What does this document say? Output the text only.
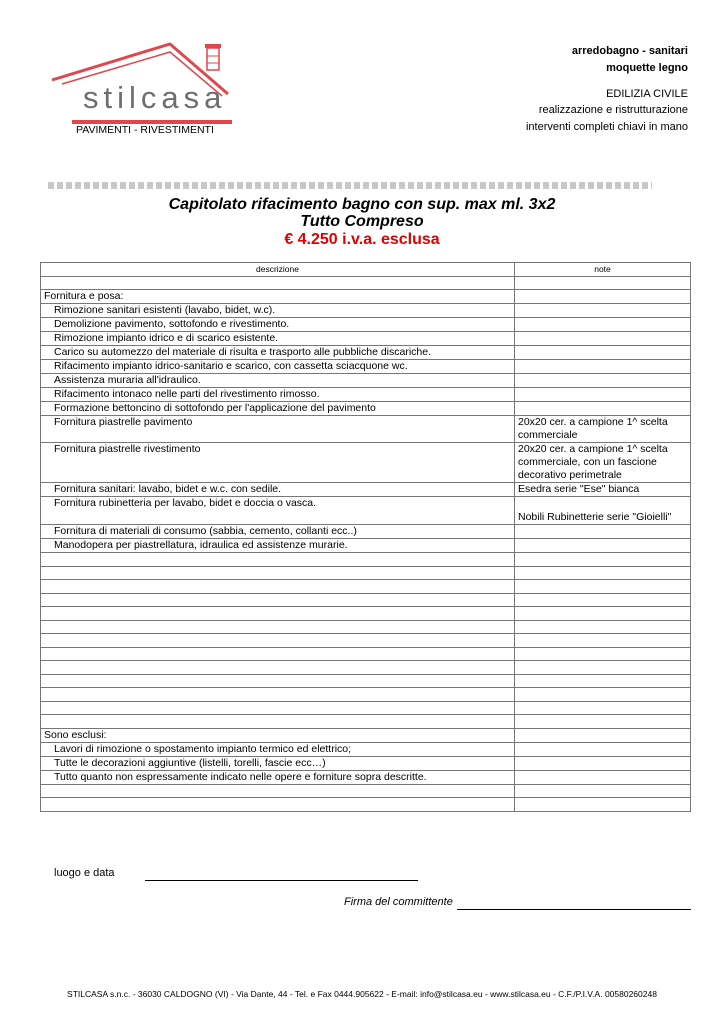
stilcasa
PAVIMENTI - RIVESTIMENTI
arredobagno - sanitari
moquette legno
EDILIZIA CIVILE
realizzazione e ristrutturazione
interventi completi chiavi in mano
Capitolato rifacimento bagno con sup. max ml. 3x2
Tutto Compreso
€ 4.250 i.v.a. esclusa
descrizione	note

Fornitura e posa:	
Rimozione sanitari esistenti (lavabo, bidet, w.c).	
Demolizione pavimento, sottofondo e rivestimento.	
Rimozione impianto idrico e di scarico esistente.	
Carico su automezzo del materiale di risulta e trasporto alle pubbliche discariche.	
Rifacimento impianto idrico-sanitario e scarico, con cassetta sciacquone wc.	
Assistenza muraria all'idraulico.	
Rifacimento intonaco nelle parti del rivestimento rimosso.	
Formazione bettoncino di sottofondo per l'applicazione del pavimento	
Fornitura piastrelle pavimento	20x20 cer. a campione 1^ scelta commerciale
Fornitura piastrelle rivestimento	20x20 cer. a campione 1^ scelta commerciale, con un fascione decorativo perimetrale
Fornitura sanitari: lavabo, bidet e w.c. con sedile.	Esedra serie "Ese" bianca
Fornitura rubinetteria per lavabo, bidet e doccia o vasca.	Nobili Rubinetterie serie "Gioielli"
Fornitura di materiali di consumo (sabbia, cemento, collanti ecc..)	
Manodopera per piastrellatura, idraulica ed assistenze murarie.	

Sono esclusi:	
Lavori di rimozione o spostamento impianto termico ed elettrico;	
Tutte le decorazioni aggiuntive (listelli, torelli, fascie ecc…)	
Tutto quanto non espressamente indicato nelle opere e forniture sopra descritte.	

luogo e data
Firma del committente
STILCASA s.n.c. - 36030 CALDOGNO (VI) - Via Dante, 44 - Tel. e Fax 0444.905622 - E-mail: info@stilcasa.eu - www.stilcasa.eu - C.F./P.I.V.A. 00580260248
